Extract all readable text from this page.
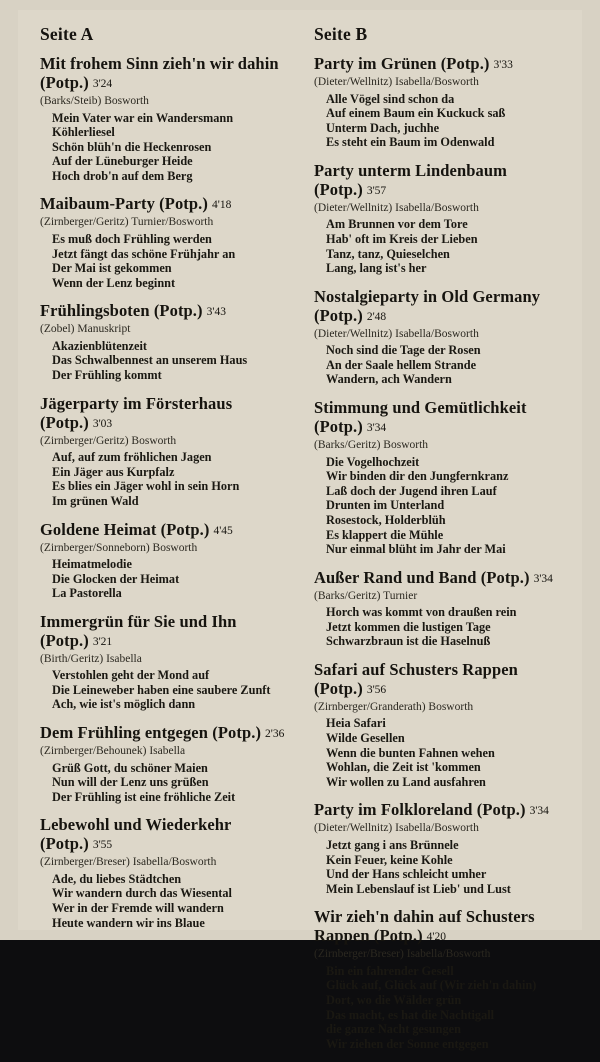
Seite A
Mit frohem Sinn zieh'n wir dahin (Potp.) 3'24
(Barks/Steib) Bosworth
Mein Vater war ein Wandersmann
Köhlerliesel
Schön blüh'n die Heckenrosen
Auf der Lüneburger Heide
Hoch drob'n auf dem Berg
Maibaum-Party (Potp.) 4'18
(Zirnberger/Geritz) Turnier/Bosworth
Es muß doch Frühling werden
Jetzt fängt das schöne Frühjahr an
Der Mai ist gekommen
Wenn der Lenz beginnt
Frühlingsboten (Potp.) 3'43
(Zobel) Manuskript
Akazienblütenzeit
Das Schwalbennest an unserem Haus
Der Frühling kommt
Jägerparty im Försterhaus (Potp.) 3'03
(Zirnberger/Geritz) Bosworth
Auf, auf zum fröhlichen Jagen
Ein Jäger aus Kurpfalz
Es blies ein Jäger wohl in sein Horn
Im grünen Wald
Goldene Heimat (Potp.) 4'45
(Zirnberger/Sonneborn) Bosworth
Heimatmelodie
Die Glocken der Heimat
La Pastorella
Immergrün für Sie und Ihn (Potp.) 3'21
(Birth/Geritz) Isabella
Verstohlen geht der Mond auf
Die Leineweber haben eine saubere Zunft
Ach, wie ist's möglich dann
Dem Frühling entgegen (Potp.) 2'36
(Zirnberger/Behounek) Isabella
Grüß Gott, du schöner Maien
Nun will der Lenz uns grüßen
Der Frühling ist eine fröhliche Zeit
Lebewohl und Wiederkehr (Potp.) 3'55
(Zirnberger/Breser) Isabella/Bosworth
Ade, du liebes Städtchen
Wir wandern durch das Wiesental
Wer in der Fremde will wandern
Heute wandern wir ins Blaue
Seite B
Party im Grünen (Potp.) 3'33
(Dieter/Wellnitz) Isabella/Bosworth
Alle Vögel sind schon da
Auf einem Baum ein Kuckuck saß
Unterm Dach, juchhe
Es steht ein Baum im Odenwald
Party unterm Lindenbaum (Potp.) 3'57
(Dieter/Wellnitz) Isabella/Bosworth
Am Brunnen vor dem Tore
Hab' oft im Kreis der Lieben
Tanz, tanz, Quieselchen
Lang, lang ist's her
Nostalgieparty in Old Germany (Potp.) 2'48
(Dieter/Wellnitz) Isabella/Bosworth
Noch sind die Tage der Rosen
An der Saale hellem Strande
Wandern, ach Wandern
Stimmung und Gemütlichkeit (Potp.) 3'34
(Barks/Geritz) Bosworth
Die Vogelhochzeit
Wir binden dir den Jungfernkranz
Laß doch der Jugend ihren Lauf
Drunten im Unterland
Rosestock, Holderblüh
Es klappert die Mühle
Nur einmal blüht im Jahr der Mai
Außer Rand und Band (Potp.) 3'34
(Barks/Geritz) Turnier
Horch was kommt von draußen rein
Jetzt kommen die lustigen Tage
Schwarzbraun ist die Haselnuß
Safari auf Schusters Rappen (Potp.) 3'56
(Zirnberger/Granderath) Bosworth
Heia Safari
Wilde Gesellen
Wenn die bunten Fahnen wehen
Wohlan, die Zeit ist 'kommen
Wir wollen zu Land ausfahren
Party im Folkloreland (Potp.) 3'34
(Dieter/Wellnitz) Isabella/Bosworth
Jetzt gang i ans Brünnele
Kein Feuer, keine Kohle
Und der Hans schleicht umher
Mein Lebenslauf ist Lieb' und Lust
Wir zieh'n dahin auf Schusters Rappen (Potp.) 4'20
(Zirnberger/Breser) Isabella/Bosworth
Bin ein fahrender Gesell
Glück auf, Glück auf (Wir zieh'n dahin)
Dort, wo die Wälder grün
Das macht, es hat die Nachtigall
die ganze Nacht gesungen
Wir ziehen der Sonne entgegen
